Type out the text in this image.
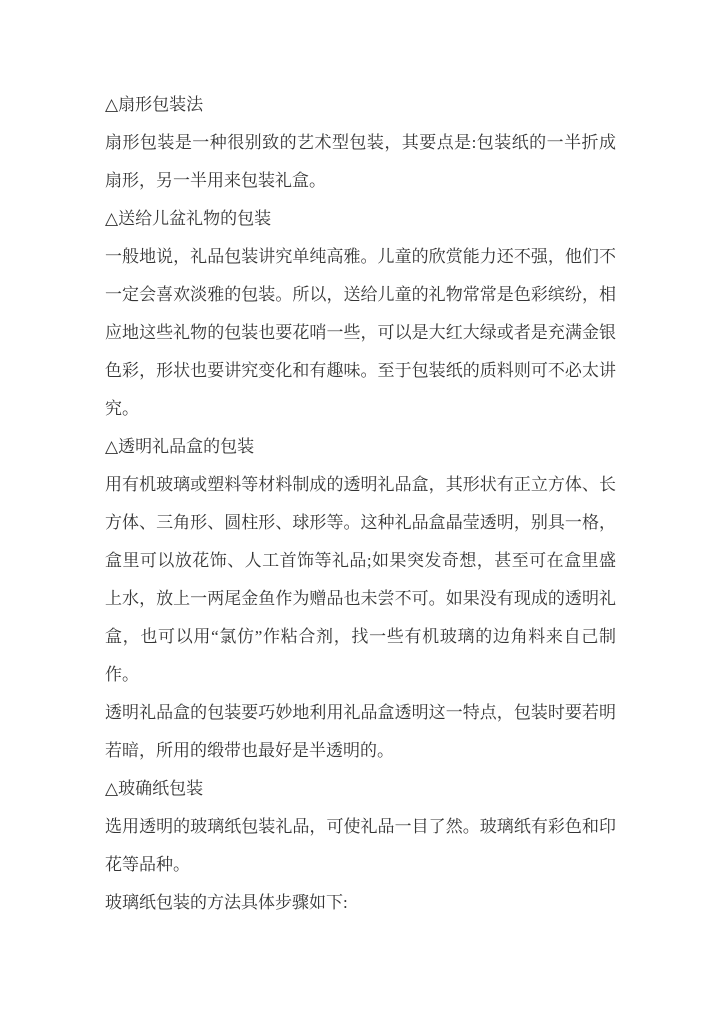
△扇形包装法

扇形包装是一种很别致的艺术型包装，其要点是:包装纸的一半折成扇形，另一半用来包装礼盒。

△送给儿盆礼物的包装

一般地说，礼品包装讲究单纯高雅。儿童的欣赏能力还不强，他们不一定会喜欢淡雅的包装。所以，送给儿童的礼物常常是色彩缤纷，相应地这些礼物的包装也要花哨一些，可以是大红大绿或者是充满金银色彩，形状也要讲究变化和有趣味。至于包装纸的质料则可不必太讲究。

△透明礼品盒的包装

用有机玻璃或塑料等材料制成的透明礼品盒，其形状有正立方体、长方体、三角形、圆柱形、球形等。这种礼品盒晶莹透明，别具一格，盒里可以放花饰、人工首饰等礼品;如果突发奇想，甚至可在盒里盛上水，放上一两尾金鱼作为赠品也未尝不可。如果没有现成的透明礼盒，也可以用“氯仿”作粘合剂，找一些有机玻璃的边角料来自己制作。

透明礼品盒的包装要巧妙地利用礼品盒透明这一特点，包装时要若明若暗，所用的缎带也最好是半透明的。

△玻确纸包装

选用透明的玻璃纸包装礼品，可使礼品一目了然。玻璃纸有彩色和印花等品种。

玻璃纸包装的方法具体步骤如下:
